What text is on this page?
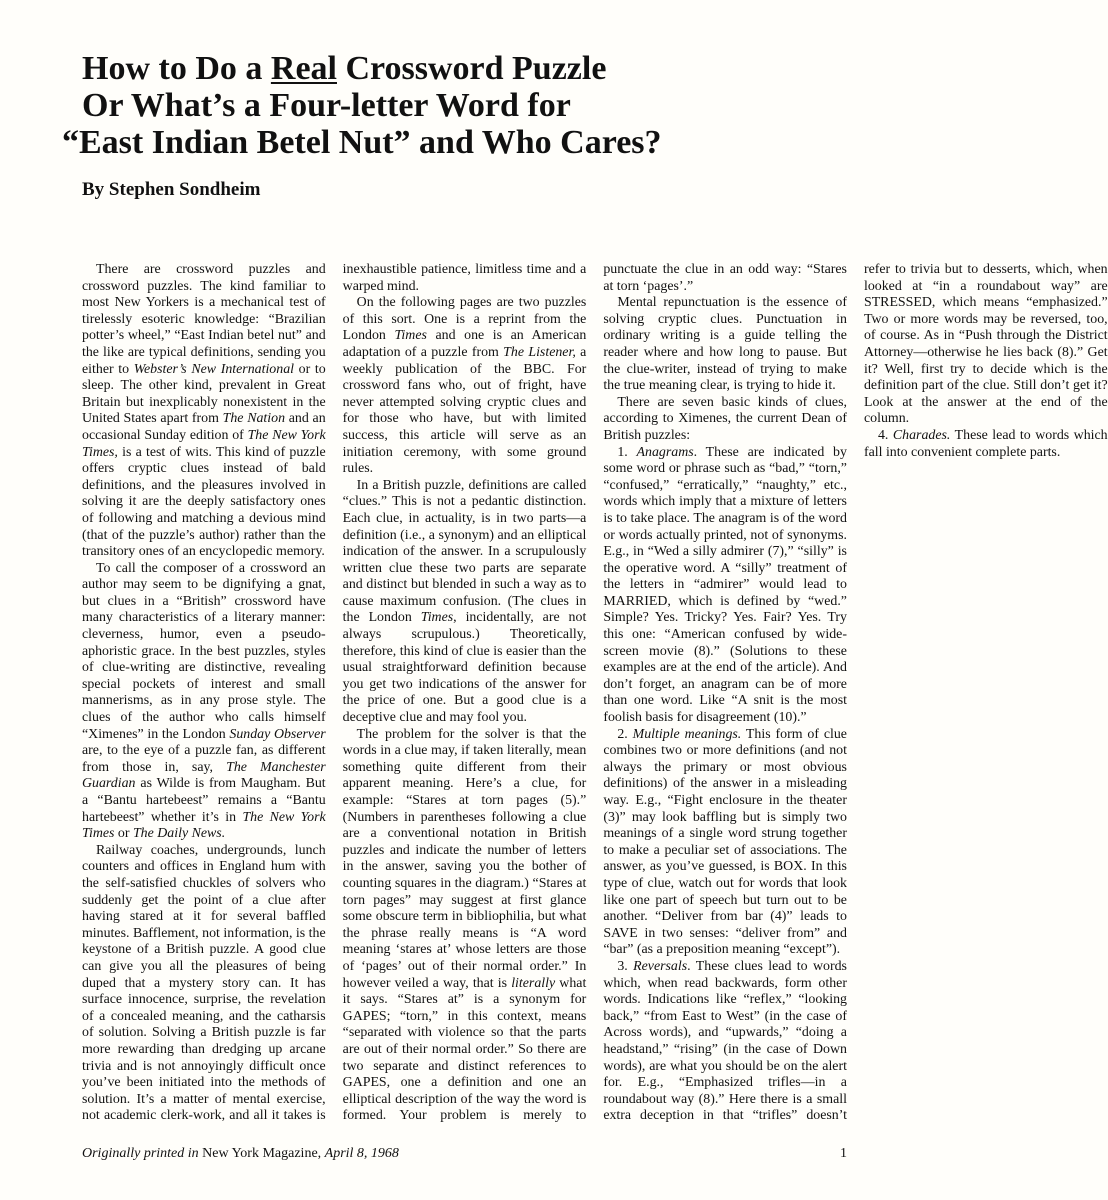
How to Do a Real Crossword Puzzle
Or What’s a Four-letter Word for
“East Indian Betel Nut” and Who Cares?
By Stephen Sondheim

There are crossword puzzles and crossword puzzles. The kind familiar to most New Yorkers is a mechanical test of tirelessly esoteric knowledge: “Brazilian potter’s wheel,” “East Indian betel nut” and the like are typical definitions, sending you either to Webster’s New International or to sleep. The other kind, prevalent in Great Britain but inexplicably nonexistent in the United States apart from The Nation and an occasional Sunday edition of The New York Times, is a test of wits. This kind of puzzle offers cryptic clues instead of bald definitions, and the pleasures involved in solving it are the deeply satisfactory ones of following and matching a devious mind (that of the puzzle’s author) rather than the transitory ones of an encyclopedic memory.

To call the composer of a crossword an author may seem to be dignifying a gnat, but clues in a “British” crossword have many characteristics of a literary manner: cleverness, humor, even a pseudo-aphoristic grace. In the best puzzles, styles of clue-writing are distinctive, revealing special pockets of interest and small mannerisms, as in any prose style. The clues of the author who calls himself “Ximenes” in the London Sunday Observer are, to the eye of a puzzle fan, as different from those in, say, The Manchester Guardian as Wilde is from Maugham. But a “Bantu hartebeest” remains a “Bantu hartebeest” whether it’s in The New York Times or The Daily News.

Railway coaches, undergrounds, lunch counters and offices in England hum with the self-satisfied chuckles of solvers who suddenly get the point of a clue after having stared at it for several baffled minutes. Bafflement, not information, is the keystone of a British puzzle. A good clue can give you all the pleasures of being duped that a mystery story can. It has surface innocence, surprise, the revelation of a concealed meaning, and the catharsis of solution. Solving a British puzzle is far more rewarding than dredging up arcane trivia and is not annoyingly difficult once you’ve been initiated into the methods of solution. It’s a matter of mental exercise, not academic clerk-work, and all it takes is inexhaustible patience, limitless time and a warped mind.

On the following pages are two puzzles of this sort. One is a reprint from the London Times and one is an American adaptation of a puzzle from The Listener, a weekly publication of the BBC. For crossword fans who, out of fright, have never attempted solving cryptic clues and for those who have, but with limited success, this article will serve as an initiation ceremony, with some ground rules.

In a British puzzle, definitions are called “clues.” This is not a pedantic distinction. Each clue, in actuality, is in two parts—a definition (i.e., a synonym) and an elliptical indication of the answer. In a scrupulously written clue these two parts are separate and distinct but blended in such a way as to cause maximum confusion. (The clues in the London Times, incidentally, are not always scrupulous.) Theoretically, therefore, this kind of clue is easier than the usual straightforward definition because you get two indications of the answer for the price of one. But a good clue is a deceptive clue and may fool you.

The problem for the solver is that the words in a clue may, if taken literally, mean something quite different from their apparent meaning. Here’s a clue, for example: “Stares at torn pages (5).” (Numbers in parentheses following a clue are a conventional notation in British puzzles and indicate the number of letters in the answer, saving you the bother of counting squares in the diagram.) “Stares at torn pages” may suggest at first glance some obscure term in bibliophilia, but what the phrase really means is “A word meaning ‘stares at’ whose letters are those of ‘pages’ out of their normal order.” In however veiled a way, that is literally what it says. “Stares at” is a synonym for GAPES; “torn,” in this context, means “separated with violence so that the parts are out of their normal order.” So there are two separate and distinct references to GAPES, one a definition and one an elliptical description of the way the word is formed. Your problem is merely to punctuate the clue in an odd way: “Stares at torn ‘pages’.”

Mental repunctuation is the essence of solving cryptic clues. Punctuation in ordinary writing is a guide telling the reader where and how long to pause. But the clue-writer, instead of trying to make the true meaning clear, is trying to hide it.

There are seven basic kinds of clues, according to Ximenes, the current Dean of British puzzles:

1. Anagrams. These are indicated by some word or phrase such as “bad,” “torn,” “confused,” “erratically,” “naughty,” etc., words which imply that a mixture of letters is to take place. The anagram is of the word or words actually printed, not of synonyms. E.g., in “Wed a silly admirer (7),” “silly” is the operative word. A “silly” treatment of the letters in “admirer” would lead to MARRIED, which is defined by “wed.” Simple? Yes. Tricky? Yes. Fair? Yes. Try this one: “American confused by wide-screen movie (8).” (Solutions to these examples are at the end of the article). And don’t forget, an anagram can be of more than one word. Like “A snit is the most foolish basis for disagreement (10).”

2. Multiple meanings. This form of clue combines two or more definitions (and not always the primary or most obvious definitions) of the answer in a misleading way. E.g., “Fight enclosure in the theater (3)” may look baffling but is simply two meanings of a single word strung together to make a peculiar set of associations. The answer, as you’ve guessed, is BOX. In this type of clue, watch out for words that look like one part of speech but turn out to be another. “Deliver from bar (4)” leads to SAVE in two senses: “deliver from” and “bar” (as a preposition meaning “except”).

3. Reversals. These clues lead to words which, when read backwards, form other words. Indications like “reflex,” “looking back,” “from East to West” (in the case of Across words), and “upwards,” “doing a headstand,” “rising” (in the case of Down words), are what you should be on the alert for. E.g., “Emphasized trifles—in a roundabout way (8).” Here there is a small extra deception in that “trifles” doesn’t refer to trivia but to desserts, which, when looked at “in a roundabout way” are STRESSED, which means “emphasized.” Two or more words may be reversed, too, of course. As in “Push through the District Attorney—otherwise he lies back (8).” Get it? Well, first try to decide which is the definition part of the clue. Still don’t get it? Look at the answer at the end of the column.

4. Charades. These lead to words which fall into convenient complete parts.

Originally printed in New York Magazine, April 8, 1968	1
